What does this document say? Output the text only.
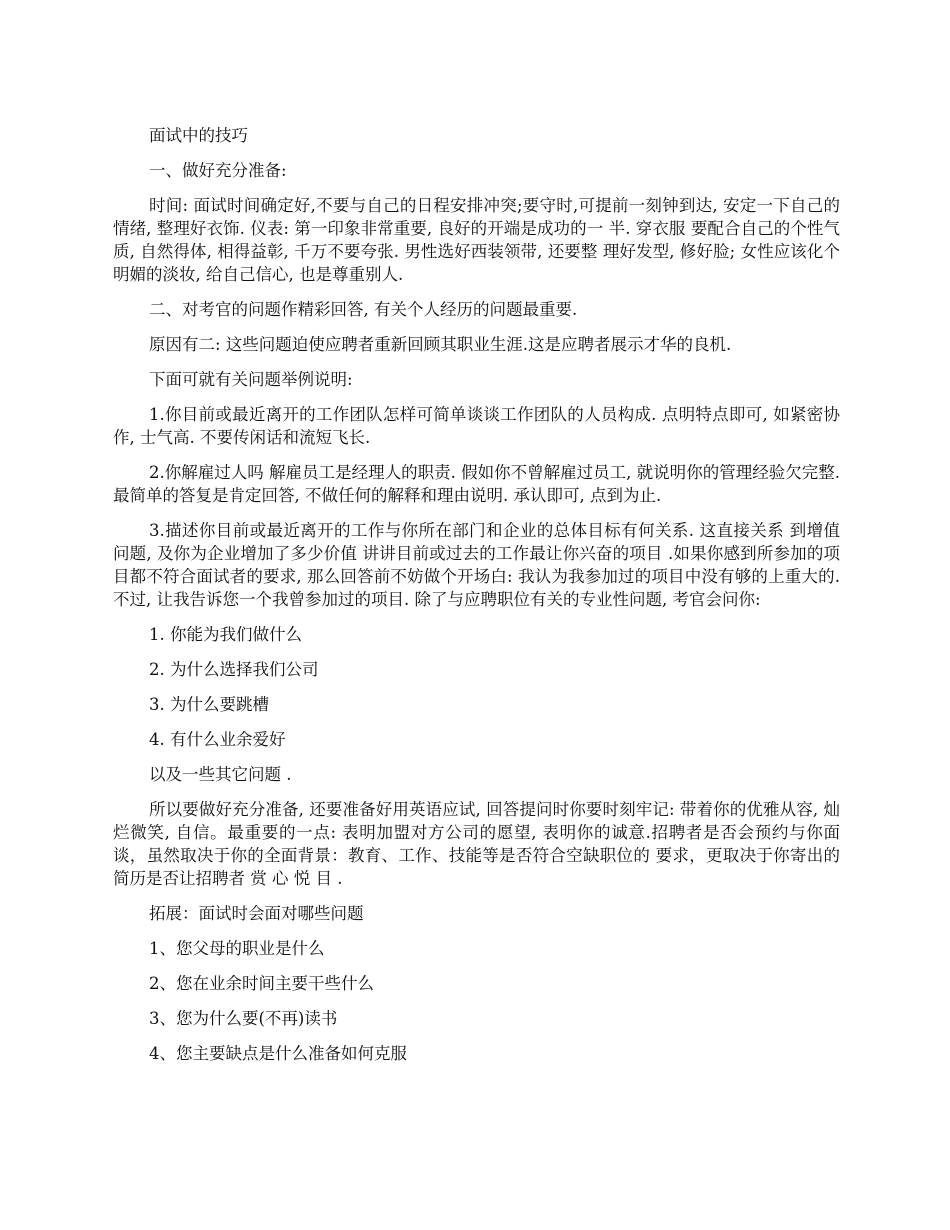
面试中的技巧

一、做好充分准备:

时间: 面试时间确定好,不要与自己的日程安排冲突;要守时,可提前一刻钟到达, 安定一下自己的情绪, 整理好衣饰. 仪表: 第一印象非常重要, 良好的开端是成功的一 半. 穿衣服 要配合自己的个性气质, 自然得体, 相得益彰, 千万不要夸张. 男性选好西装领带, 还要整 理好发型, 修好脸; 女性应该化个明媚的淡妆, 给自己信心, 也是尊重别人.

二、对考官的问题作精彩回答, 有关个人经历的问题最重要.

原因有二: 这些问题迫使应聘者重新回顾其职业生涯.这是应聘者展示才华的良机.

下面可就有关问题举例说明:

1.你目前或最近离开的工作团队怎样可简单谈谈工作团队的人员构成. 点明特点即可, 如紧密协作, 士气高. 不要传闲话和流短飞长.

2.你解雇过人吗 解雇员工是经理人的职责. 假如你不曾解雇过员工, 就说明你的管理经验欠完整. 最简单的答复是肯定回答, 不做任何的解释和理由说明. 承认即可, 点到为止.

3.描述你目前或最近离开的工作与你所在部门和企业的总体目标有何关系. 这直接关系 到增值问题, 及你为企业增加了多少价值 讲讲目前或过去的工作最让你兴奋的项目 .如果你感到所参加的项目都不符合面试者的要求, 那么回答前不妨做个开场白: 我认为我参加过的项目中没有够的上重大的. 不过, 让我告诉您一个我曾参加过的项目. 除了与应聘职位有关的专业性问题, 考官会问你:

1. 你能为我们做什么

2. 为什么选择我们公司

3. 为什么要跳槽

4. 有什么业余爱好

以及一些其它问题 .

所以要做好充分准备, 还要准备好用英语应试, 回答提问时你要时刻牢记: 带着你的优雅从容, 灿烂微笑, 自信。最重要的一点: 表明加盟对方公司的愿望, 表明你的诚意.招聘者是否会预约与你面谈，虽然取决于你的全面背景：教育、工作、技能等是否符合空缺职位的 要求，更取决于你寄出的简历是否让招聘者 赏 心 悦 目 .

拓展：面试时会面对哪些问题

1、您父母的职业是什么

2、您在业余时间主要干些什么

3、您为什么要(不再)读书

4、您主要缺点是什么准备如何克服
